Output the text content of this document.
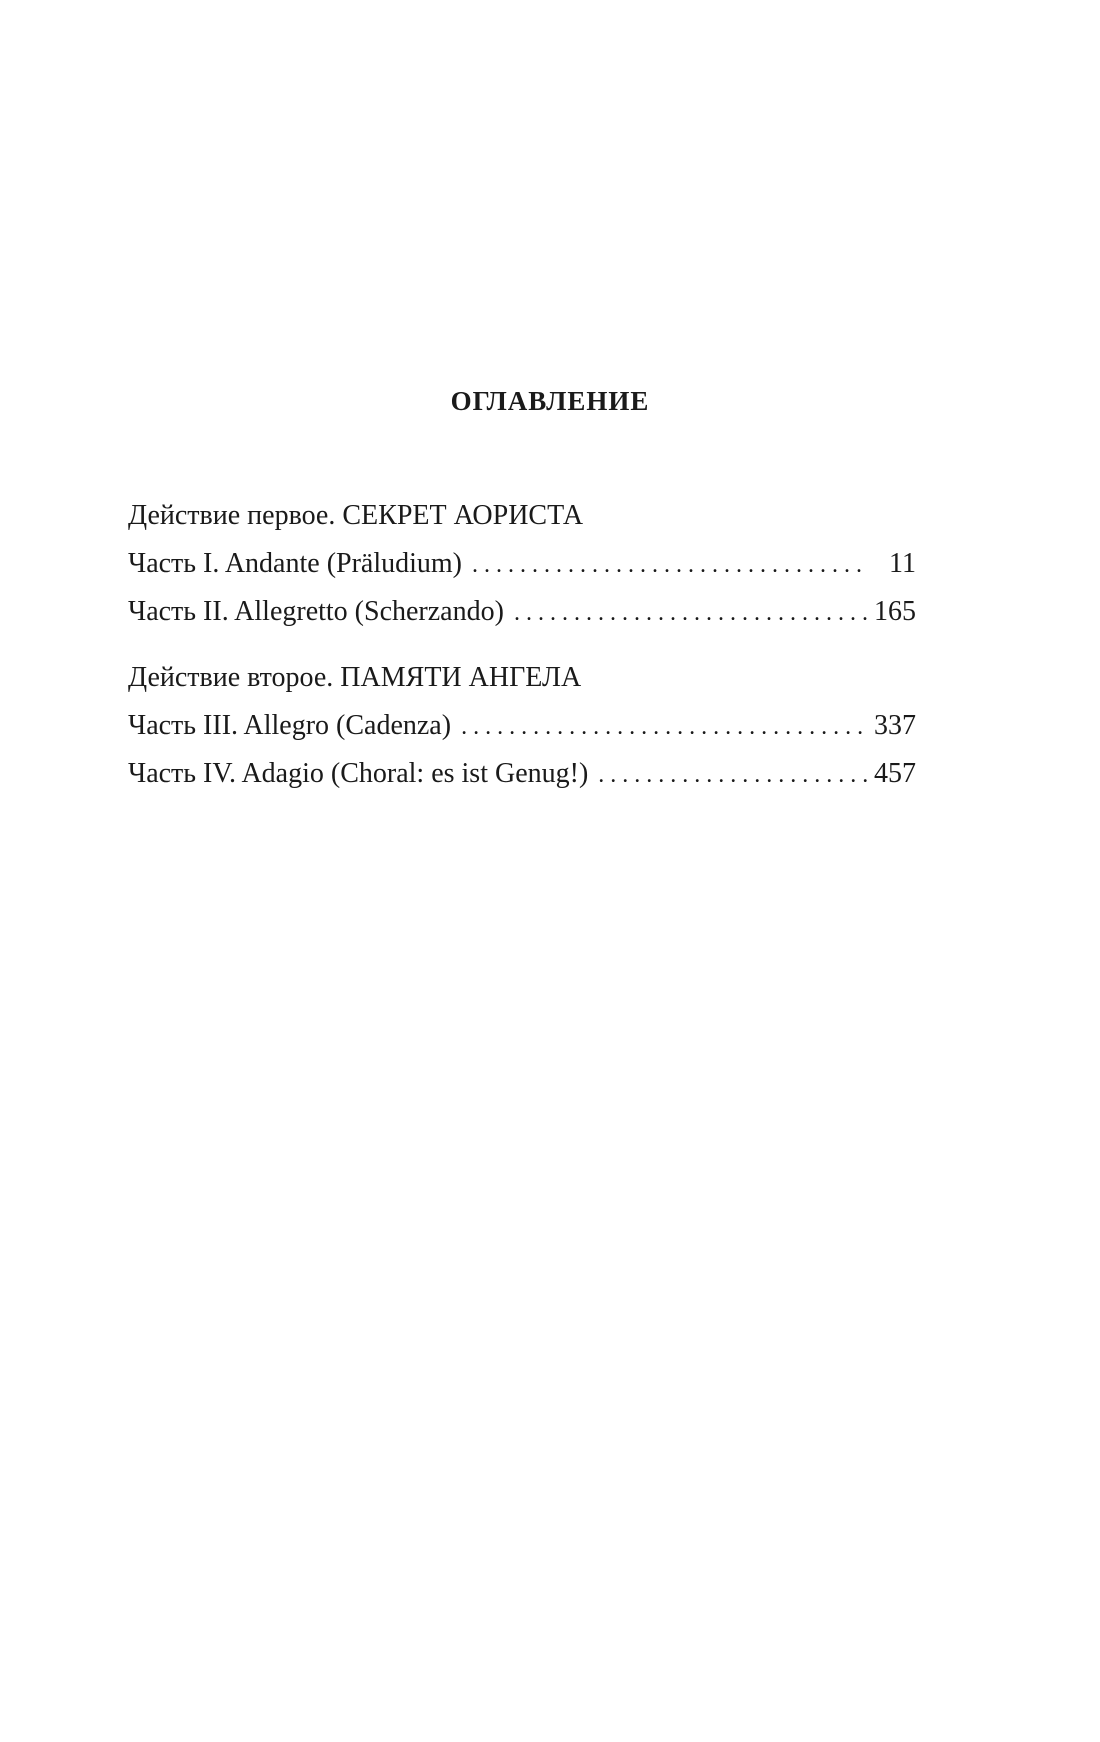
ОГЛАВЛЕНИЕ
Действие первое. СЕКРЕТ АОРИСТА
Часть I. Andante (Präludium) . . .	11
Часть II. Allegretto (Scherzando) . . .	165
Действие второе. ПАМЯТИ АНГЕЛА
Часть III. Allegro (Cadenza) . . .	337
Часть IV. Adagio (Choral: es ist Genug!) . . .	457
